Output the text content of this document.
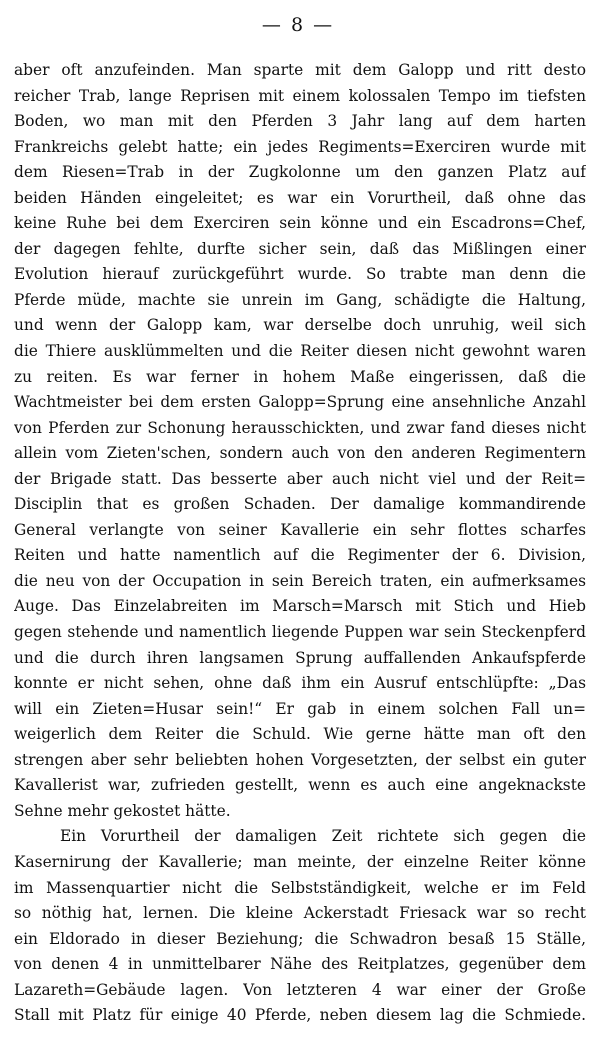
— 8 —
aber oft anzufeinden. Man sparte mit dem Galopp und ritt desto
reicher Trab, lange Reprisen mit einem kolossalen Tempo im tiefsten
Boden, wo man mit den Pferden 3 Jahr lang auf dem harten
Frankreichs gelebt hatte; ein jedes Regiments=Exerciren wurde mit
dem Riesen=Trab in der Zugkolonne um den ganzen Platz auf
beiden Händen eingeleitet; es war ein Vorurtheil, daß ohne das
keine Ruhe bei dem Exerciren sein könne und ein Escadrons=Chef,
der dagegen fehlte, durfte sicher sein, daß das Mißlingen einer
Evolution hierauf zurückgeführt wurde. So trabte man denn die
Pferde müde, machte sie unrein im Gang, schädigte die Haltung,
und wenn der Galopp kam, war derselbe doch unruhig, weil sich
die Thiere ausklümmelten und die Reiter diesen nicht gewohnt waren
zu reiten. Es war ferner in hohem Maße eingerissen, daß die
Wachtmeister bei dem ersten Galopp=Sprung eine ansehnliche Anzahl
von Pferden zur Schonung herausschickten, und zwar fand dieses nicht
allein vom Zieten'schen, sondern auch von den anderen Regimentern
der Brigade statt. Das besserte aber auch nicht viel und der Reit=
Disciplin that es großen Schaden. Der damalige kommandirende
General verlangte von seiner Kavallerie ein sehr flottes scharfes
Reiten und hatte namentlich auf die Regimenter der 6. Division,
die neu von der Occupation in sein Bereich traten, ein aufmerksames
Auge. Das Einzelabreiten im Marsch=Marsch mit Stich und Hieb
gegen stehende und namentlich liegende Puppen war sein Steckenpferd
und die durch ihren langsamen Sprung auffallenden Ankaufspferde
konnte er nicht sehen, ohne daß ihm ein Ausruf entschlüpfte: „Das
will ein Zieten=Husar sein!“ Er gab in einem solchen Fall un=
weigerlich dem Reiter die Schuld. Wie gerne hätte man oft den
strengen aber sehr beliebten hohen Vorgesetzten, der selbst ein guter
Kavallerist war, zufrieden gestellt, wenn es auch eine angeknackste
Sehne mehr gekostet hätte.
Ein Vorurtheil der damaligen Zeit richtete sich gegen die
Kasernirung der Kavallerie; man meinte, der einzelne Reiter könne
im Massenquartier nicht die Selbstständigkeit, welche er im Feld
so nöthig hat, lernen. Die kleine Ackerstadt Friesack war so recht
ein Eldorado in dieser Beziehung; die Schwadron besaß 15 Ställe,
von denen 4 in unmittelbarer Nähe des Reitplatzes, gegenüber dem
Lazareth=Gebäude lagen. Von letzteren 4 war einer der Große
Stall mit Platz für einige 40 Pferde, neben diesem lag die Schmiede.
